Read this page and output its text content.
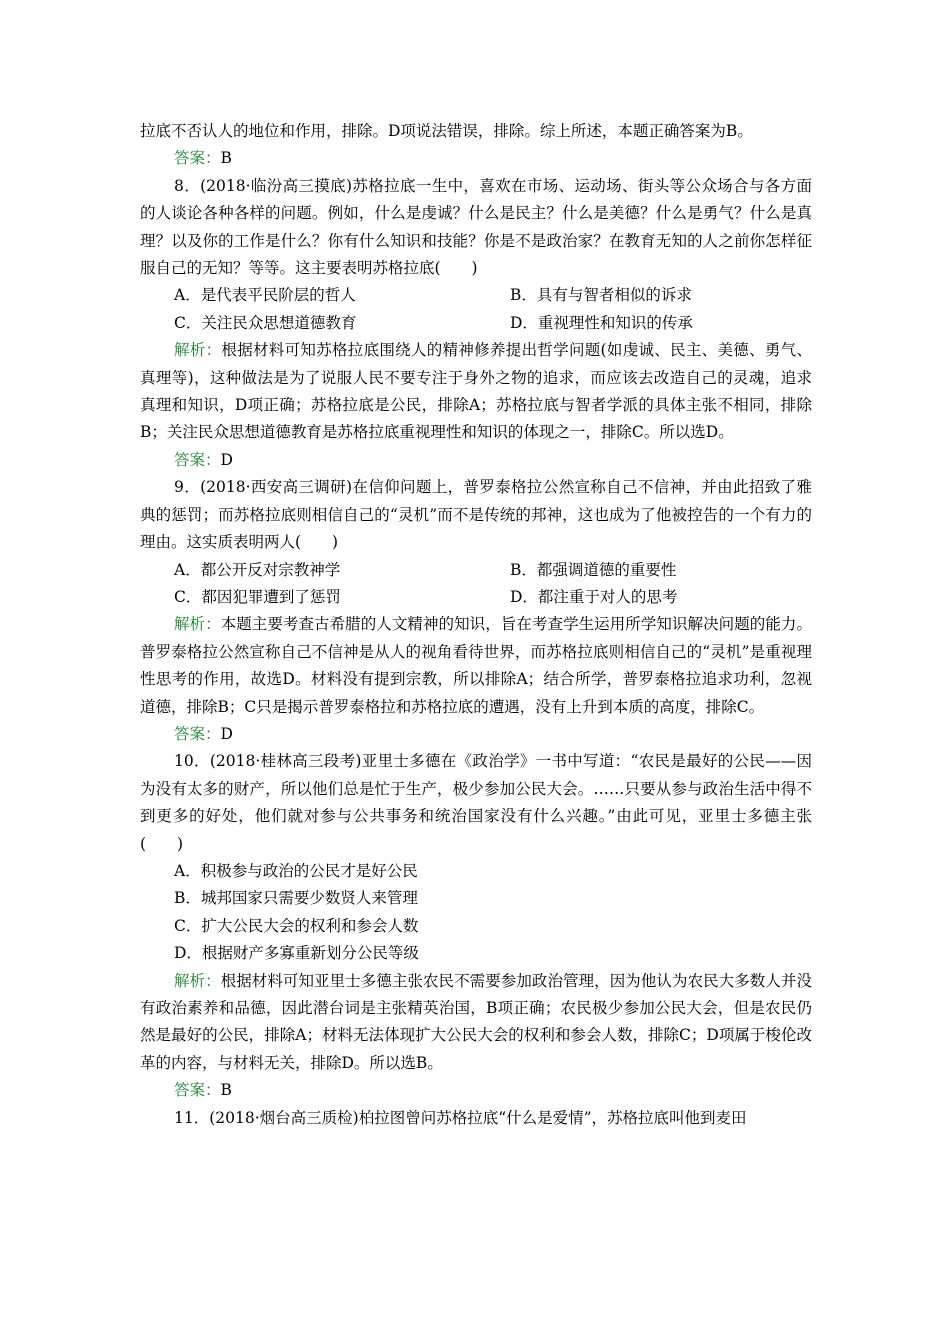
拉底不否认人的地位和作用，排除。D项说法错误，排除。综上所述，本题正确答案为B。

答案：B

8．(2018·临汾高三摸底)苏格拉底一生中，喜欢在市场、运动场、街头等公众场合与各方面的人谈论各种各样的问题。例如，什么是虔诚？什么是民主？什么是美德？什么是勇气？什么是真理？以及你的工作是什么？你有什么知识和技能？你是不是政治家？在教育无知的人之前你怎样征服自己的无知？等等。这主要表明苏格拉底(　　)

A．是代表平民阶层的哲人	B．具有与智者相似的诉求
C．关注民众思想道德教育	D．重视理性和知识的传承

解析：根据材料可知苏格拉底围绕人的精神修养提出哲学问题(如虔诚、民主、美德、勇气、真理等)，这种做法是为了说服人民不要专注于身外之物的追求，而应该去改造自己的灵魂，追求真理和知识，D项正确；苏格拉底是公民，排除A；苏格拉底与智者学派的具体主张不相同，排除B；关注民众思想道德教育是苏格拉底重视理性和知识的体现之一，排除C。所以选D。

答案：D

9．(2018·西安高三调研)在信仰问题上，普罗泰格拉公然宣称自己不信神，并由此招致了雅典的惩罚；而苏格拉底则相信自己的“灵机”而不是传统的邦神，这也成为了他被控告的一个有力的理由。这实质表明两人(　　)

A．都公开反对宗教神学	B．都强调道德的重要性
C．都因犯罪遭到了惩罚	D．都注重于对人的思考

解析：本题主要考查古希腊的人文精神的知识，旨在考查学生运用所学知识解决问题的能力。普罗泰格拉公然宣称自己不信神是从人的视角看待世界，而苏格拉底则相信自己的“灵机”是重视理性思考的作用，故选D。材料没有提到宗教，所以排除A；结合所学，普罗泰格拉追求功利，忽视道德，排除B；C只是揭示普罗泰格拉和苏格拉底的遭遇，没有上升到本质的高度，排除C。

答案：D

10．(2018·桂林高三段考)亚里士多德在《政治学》一书中写道：“农民是最好的公民——因为没有太多的财产，所以他们总是忙于生产，极少参加公民大会。……只要从参与政治生活中得不到更多的好处，他们就对参与公共事务和统治国家没有什么兴趣。”由此可见，亚里士多德主张(　　)

A．积极参与政治的公民才是好公民
B．城邦国家只需要少数贤人来管理
C．扩大公民大会的权利和参会人数
D．根据财产多寡重新划分公民等级

解析：根据材料可知亚里士多德主张农民不需要参加政治管理，因为他认为农民大多数人并没有政治素养和品德，因此潜台词是主张精英治国，B项正确；农民极少参加公民大会，但是农民仍然是最好的公民，排除A；材料无法体现扩大公民大会的权利和参会人数，排除C；D项属于梭伦改革的内容，与材料无关，排除D。所以选B。

答案：B

11．(2018·烟台高三质检)柏拉图曾问苏格拉底“什么是爱情”，苏格拉底叫他到麦田
